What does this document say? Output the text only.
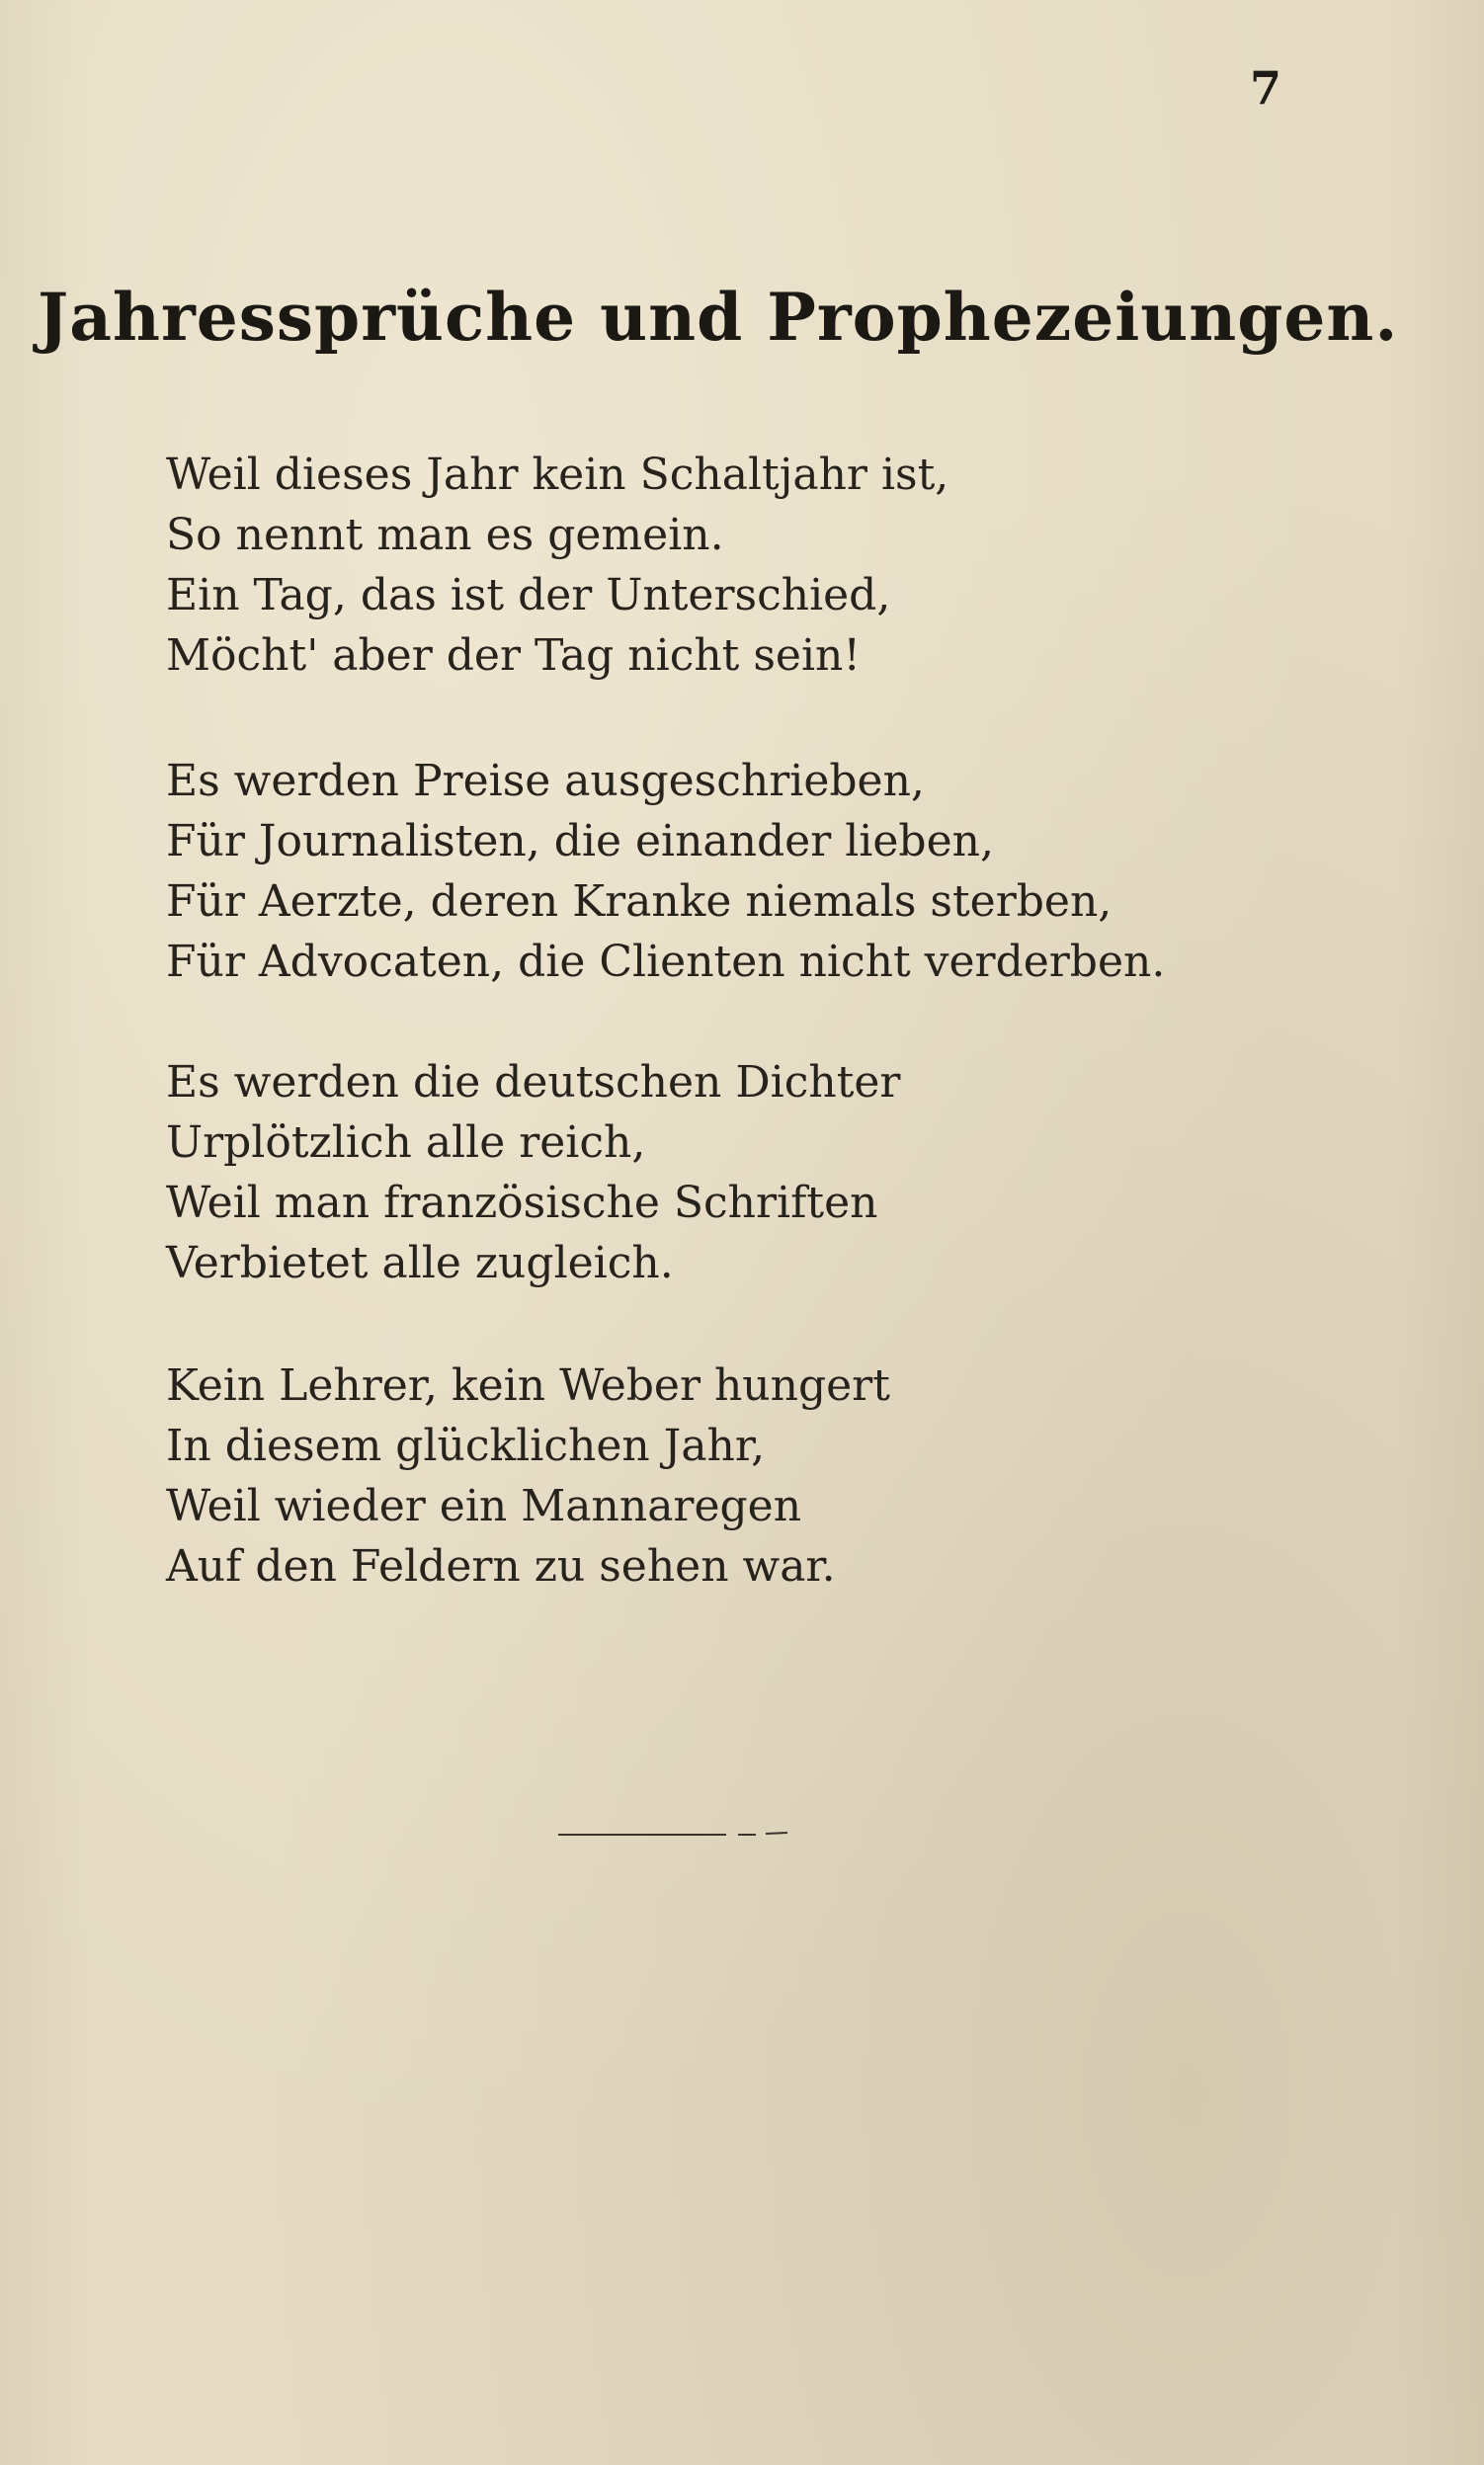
7
Jahressprüche und Prophezeiungen.
Weil dieses Jahr kein Schaltjahr ist,
So nennt man es gemein.
Ein Tag, das ist der Unterschied,
Möcht' aber der Tag nicht sein!
Es werden Preise ausgeschrieben,
Für Journalisten, die einander lieben,
Für Aerzte, deren Kranke niemals sterben,
Für Advocaten, die Clienten nicht verderben.
Es werden die deutschen Dichter
Urplötzlich alle reich,
Weil man französische Schriften
Verbietet alle zugleich.
Kein Lehrer, kein Weber hungert
In diesem glücklichen Jahr,
Weil wieder ein Mannaregen
Auf den Feldern zu sehen war.
